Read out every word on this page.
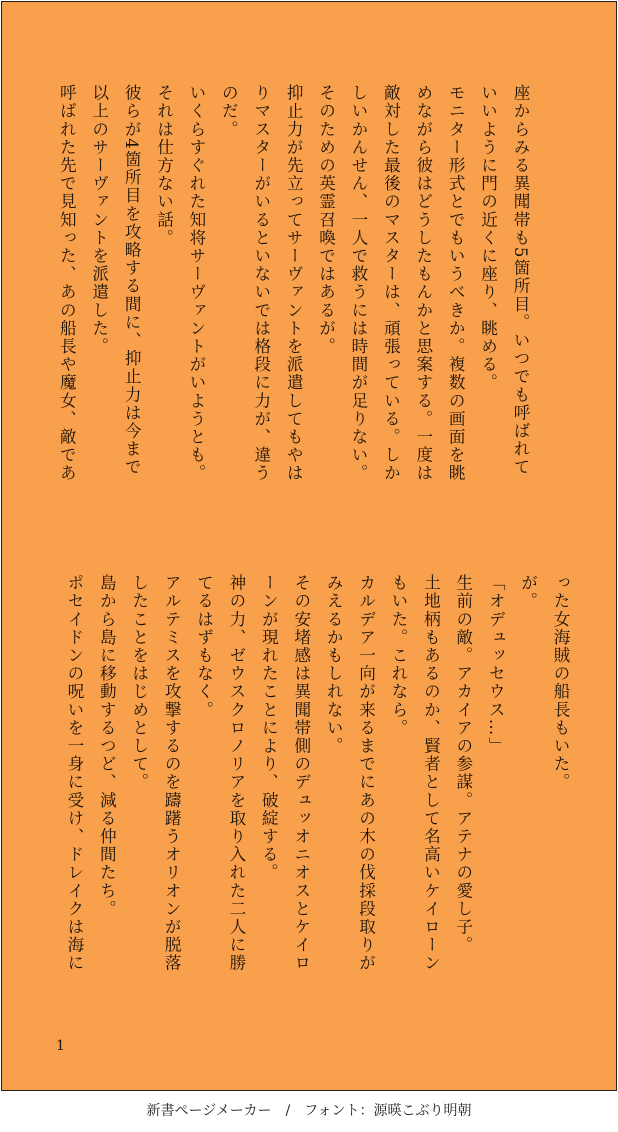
座からみる異聞帯も5箇所目。いつでも呼ばれて
いいように門の近くに座り、眺める。
モニター形式とでもいうべきか。複数の画面を眺
めながら彼はどうしたもんかと思案する。一度は
敵対した最後のマスターは、頑張っている。しか
しいかんせん、一人で救うには時間が足りない。
そのための英霊召喚ではあるが。
抑止力が先立ってサーヴァントを派遣してもやは
りマスターがいるといないでは格段に力が、違う
のだ。
いくらすぐれた知将サーヴァントがいようとも。
それは仕方ない話。
彼らが4箇所目を攻略する間に、抑止力は今まで
以上のサーヴァントを派遣した。
呼ばれた先で見知った、あの船長や魔女、敵であ
った女海賊の船長もいた。
が。
「オデュッセウス…」
生前の敵。アカイアの参謀。アテナの愛し子。
土地柄もあるのか、賢者として名高いケイローン
もいた。これなら。
カルデア一向が来るまでにあの木の伐採段取りが
みえるかもしれない。
その安堵感は異聞帯側のデュッオニオスとケイロ
ーンが現れたことにより、破綻する。
神の力、ゼウスクロノリアを取り入れた二人に勝
てるはずもなく。
アルテミスを攻撃するのを躊躇うオリオンが脱落
したことをはじめとして。
島から島に移動するつど、減る仲間たち。
ポセイドンの呪いを一身に受け、ドレイクは海に
1
新書ページメーカー　/　フォント：源暎こぶり明朝
